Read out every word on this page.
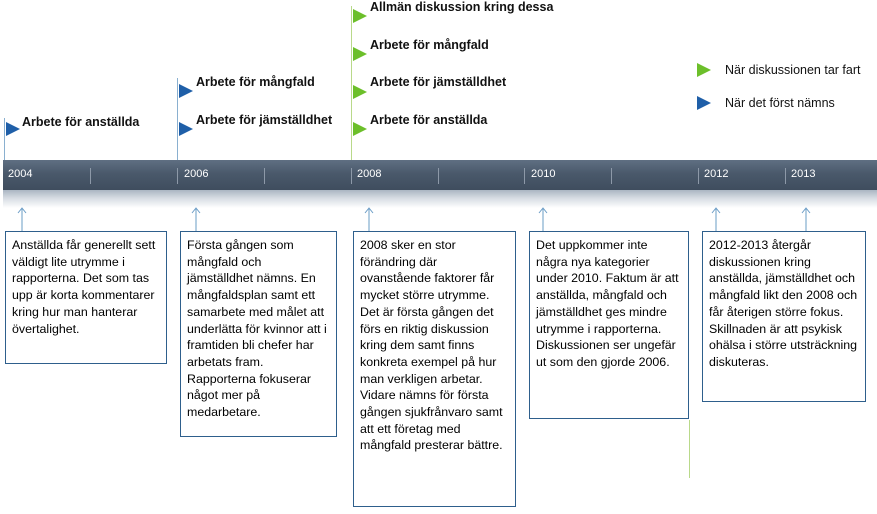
2004	2006	2008	2010	2012	2013
Arbete för anställda
Arbete för mångfald
Arbete för jämställdhet
Allmän diskussion kring dessa
Arbete för mångfald
Arbete för jämställdhet
Arbete för anställda
När diskussionen tar fart
När det först nämns
Anställda får generellt sett väldigt lite utrymme i rapporterna. Det som tas upp är korta kommentarer kring hur man hanterar övertalighet.
Första gången som mångfald och jämställdhet nämns. En mångfaldsplan samt ett samarbete med målet att underlätta för kvinnor att i framtiden bli chefer har arbetats fram. Rapporterna fokuserar något mer på medarbetare.
2008 sker en stor förändring där ovanstående faktorer får mycket större utrymme. Det är första gången det förs en riktig diskussion kring dem samt finns konkreta exempel på hur man verkligen arbetar. Vidare nämns för första gången sjukfrånvaro samt att ett företag med mångfald presterar bättre.
Det uppkommer inte några nya kategorier under 2010. Faktum är att anställda, mångfald och jämställdhet ges mindre utrymme i rapporterna. Diskussionen ser ungefär ut som den gjorde 2006.
2012-2013 återgår diskussionen kring anställda, jämställdhet och mångfald likt den 2008 och får återigen större fokus. Skillnaden är att psykisk ohälsa i större utsträckning diskuteras.
